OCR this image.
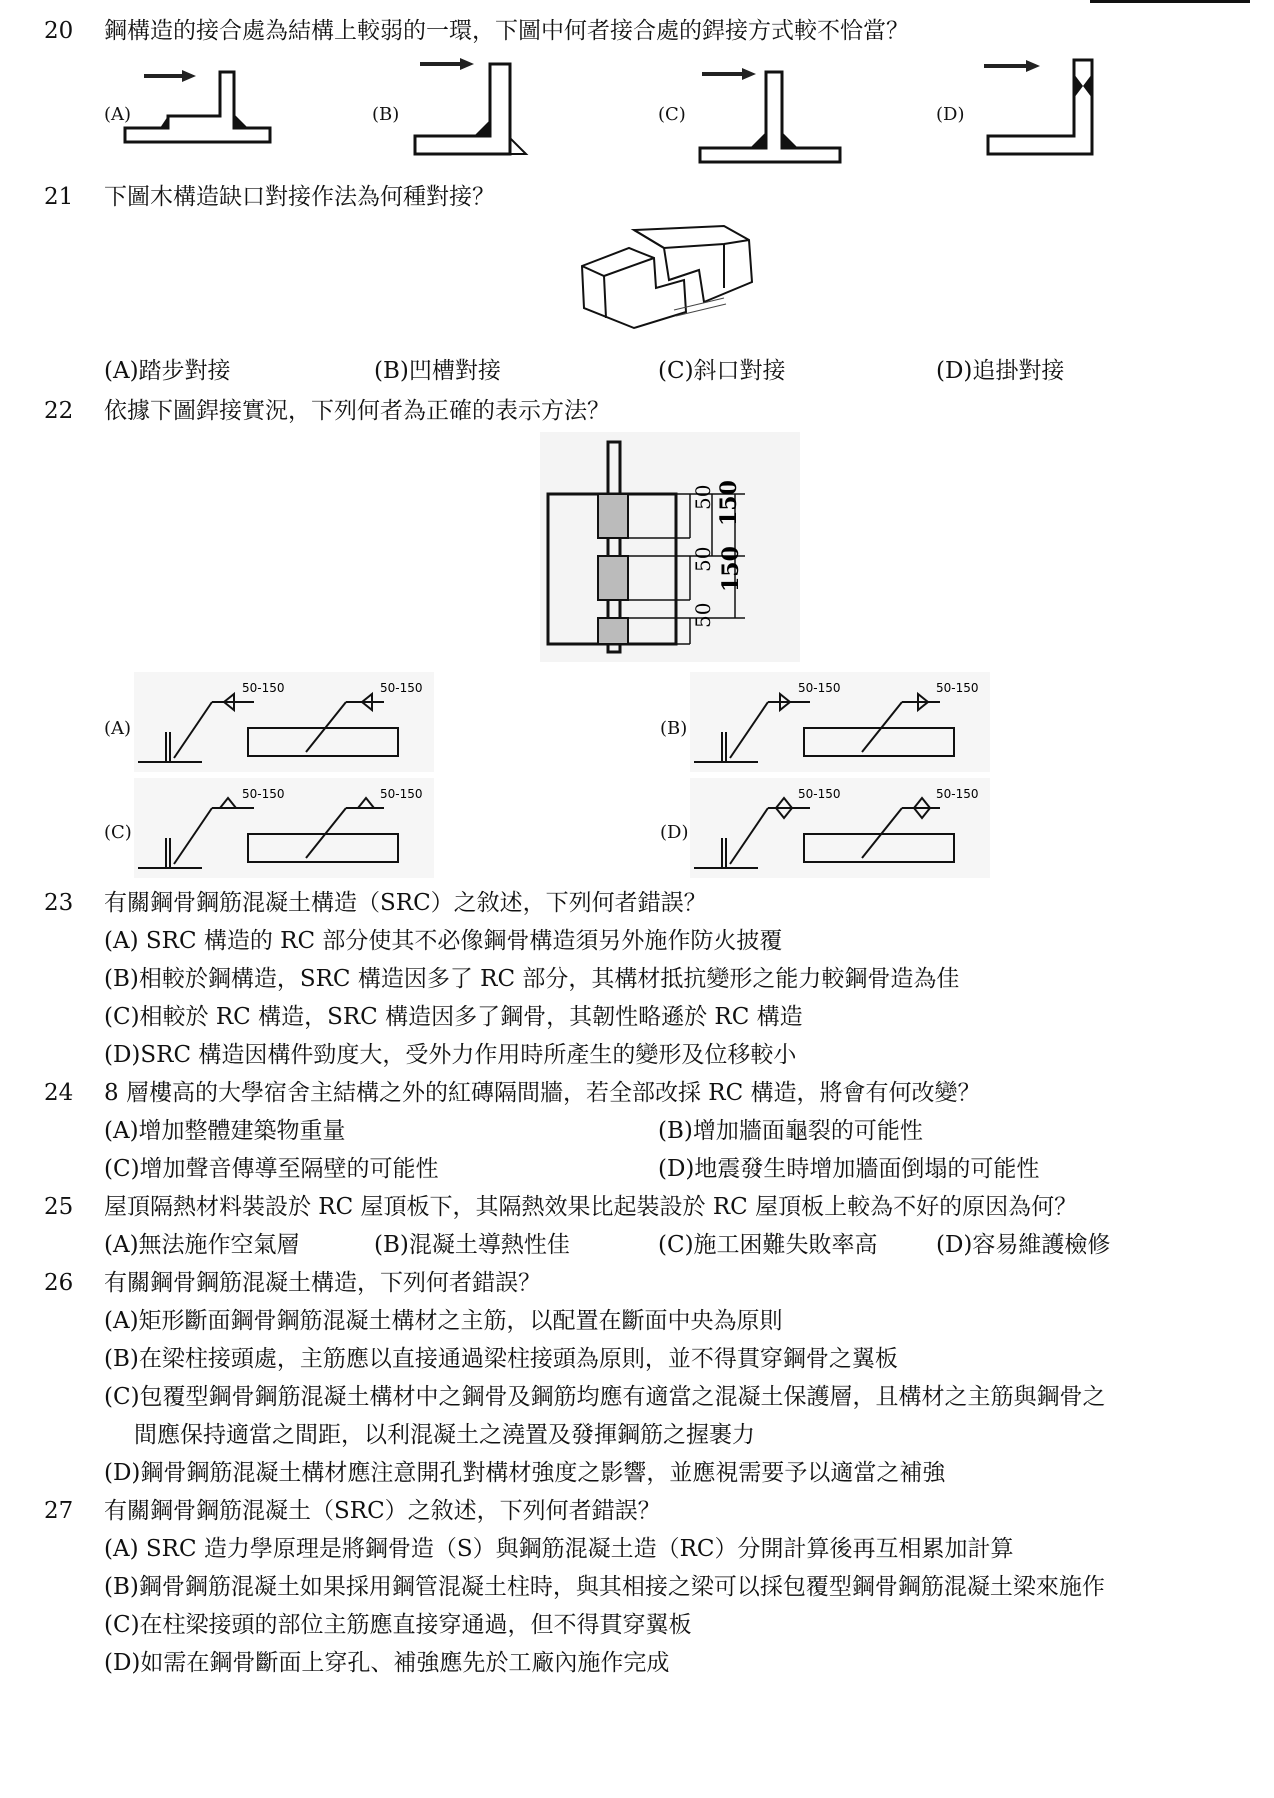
20	鋼構造的接合處為結構上較弱的一環，下圖中何者接合處的銲接方式較不恰當？
(A)	(B)	(C)	(D)
21	下圖木構造缺口對接作法為何種對接？
(A)踏步對接	(B)凹槽對接	(C)斜口對接	(D)追掛對接
22	依據下圖銲接實況，下列何者為正確的表示方法？
50
50
50
150
150
(A)
50-150	50-150
(B)
50-150	50-150
(C)
50-150	50-150
(D)
50-150	50-150
23	有關鋼骨鋼筋混凝土構造（SRC）之敘述，下列何者錯誤？
(A) SRC 構造的 RC 部分使其不必像鋼骨構造須另外施作防火披覆
(B)相較於鋼構造，SRC 構造因多了 RC 部分，其構材抵抗變形之能力較鋼骨造為佳
(C)相較於 RC 構造，SRC 構造因多了鋼骨，其韌性略遜於 RC 構造
(D)SRC 構造因構件勁度大，受外力作用時所產生的變形及位移較小
24	8 層樓高的大學宿舍主結構之外的紅磚隔間牆，若全部改採 RC 構造，將會有何改變？
(A)增加整體建築物重量	(B)增加牆面龜裂的可能性
(C)增加聲音傳導至隔壁的可能性	(D)地震發生時增加牆面倒塌的可能性
25	屋頂隔熱材料裝設於 RC 屋頂板下，其隔熱效果比起裝設於 RC 屋頂板上較為不好的原因為何？
(A)無法施作空氣層	(B)混凝土導熱性佳	(C)施工困難失敗率高	(D)容易維護檢修
26	有關鋼骨鋼筋混凝土構造，下列何者錯誤？
(A)矩形斷面鋼骨鋼筋混凝土構材之主筋，以配置在斷面中央為原則
(B)在梁柱接頭處，主筋應以直接通過梁柱接頭為原則，並不得貫穿鋼骨之翼板
(C)包覆型鋼骨鋼筋混凝土構材中之鋼骨及鋼筋均應有適當之混凝土保護層，且構材之主筋與鋼骨之
間應保持適當之間距，以利混凝土之澆置及發揮鋼筋之握裹力
(D)鋼骨鋼筋混凝土構材應注意開孔對構材強度之影響，並應視需要予以適當之補強
27	有關鋼骨鋼筋混凝土（SRC）之敘述，下列何者錯誤？
(A) SRC 造力學原理是將鋼骨造（S）與鋼筋混凝土造（RC）分開計算後再互相累加計算
(B)鋼骨鋼筋混凝土如果採用鋼管混凝土柱時，與其相接之梁可以採包覆型鋼骨鋼筋混凝土梁來施作
(C)在柱梁接頭的部位主筋應直接穿通過，但不得貫穿翼板
(D)如需在鋼骨斷面上穿孔、補強應先於工廠內施作完成
